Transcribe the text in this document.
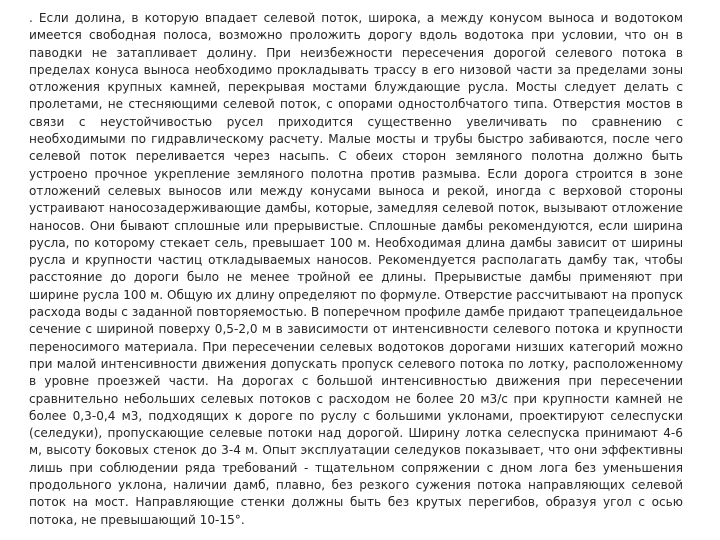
. Если долина, в которую впадает селевой поток, широка, а между конусом выноса и водотоком имеется свободная полоса, возможно проложить дорогу вдоль водотока при условии, что он в паводки не затапливает долину. При неизбежности пересечения дорогой селевого потока в пределах конуса выноса необходимо прокладывать трассу в его низовой части за пределами зоны отложения крупных камней, перекрывая мостами блуждающие русла. Мосты следует делать с пролетами, не стесняющими селевой поток, с опорами одностолбчатого типа. Отверстия мостов в связи с неустойчивостью русел приходится существенно увеличивать по сравнению с необходимыми по гидравлическому расчету. Малые мосты и трубы быстро забиваются, после чего селевой поток переливается через насыпь. С обеих сторон земляного полотна должно быть устроено прочное укрепление земляного полотна против размыва. Если дорога строится в зоне отложений селевых выносов или между конусами выноса и рекой, иногда с верховой стороны устраивают наносозадерживающие дамбы, которые, замедляя селевой поток, вызывают отложение наносов. Они бывают сплошные или прерывистые. Сплошные дамбы рекомендуются, если ширина русла, по которому стекает сель, превышает 100 м. Необходимая длина дамбы зависит от ширины русла и крупности частиц откладываемых наносов. Рекомендуется располагать дамбу так, чтобы расстояние до дороги было не менее тройной ее длины. Прерывистые дамбы применяют при ширине русла 100 м. Общую их длину определяют по формуле. Отверстие рассчитывают на пропуск расхода воды с заданной повторяемостью. В поперечном профиле дамбе придают трапецеидальное сечение с шириной поверху 0,5-2,0 м в зависимости от интенсивности селевого потока и крупности переносимого материала. При пересечении селевых водотоков дорогами низших категорий можно при малой интенсивности движения допускать пропуск селевого потока по лотку, расположенному в уровне проезжей части. На дорогах с большой интенсивностью движения при пересечении сравнительно небольших селевых потоков с расходом не более 20 м3/с при крупности камней не более 0,3-0,4 м3, подходящих к дороге по руслу с большими уклонами, проектируют селеспуски (селедуки), пропускающие селевые потоки над дорогой. Ширину лотка селеспуска принимают 4-6 м, высоту боковых стенок до 3-4 м. Опыт эксплуатации селедуков показывает, что они эффективны лишь при соблюдении ряда требований - тщательном сопряжении с дном лога без уменьшения продольного уклона, наличии дамб, плавно, без резкого сужения потока направляющих селевой поток на мост. Направляющие стенки должны быть без крутых перегибов, образуя угол с осью потока, не превышающий 10-15°.
